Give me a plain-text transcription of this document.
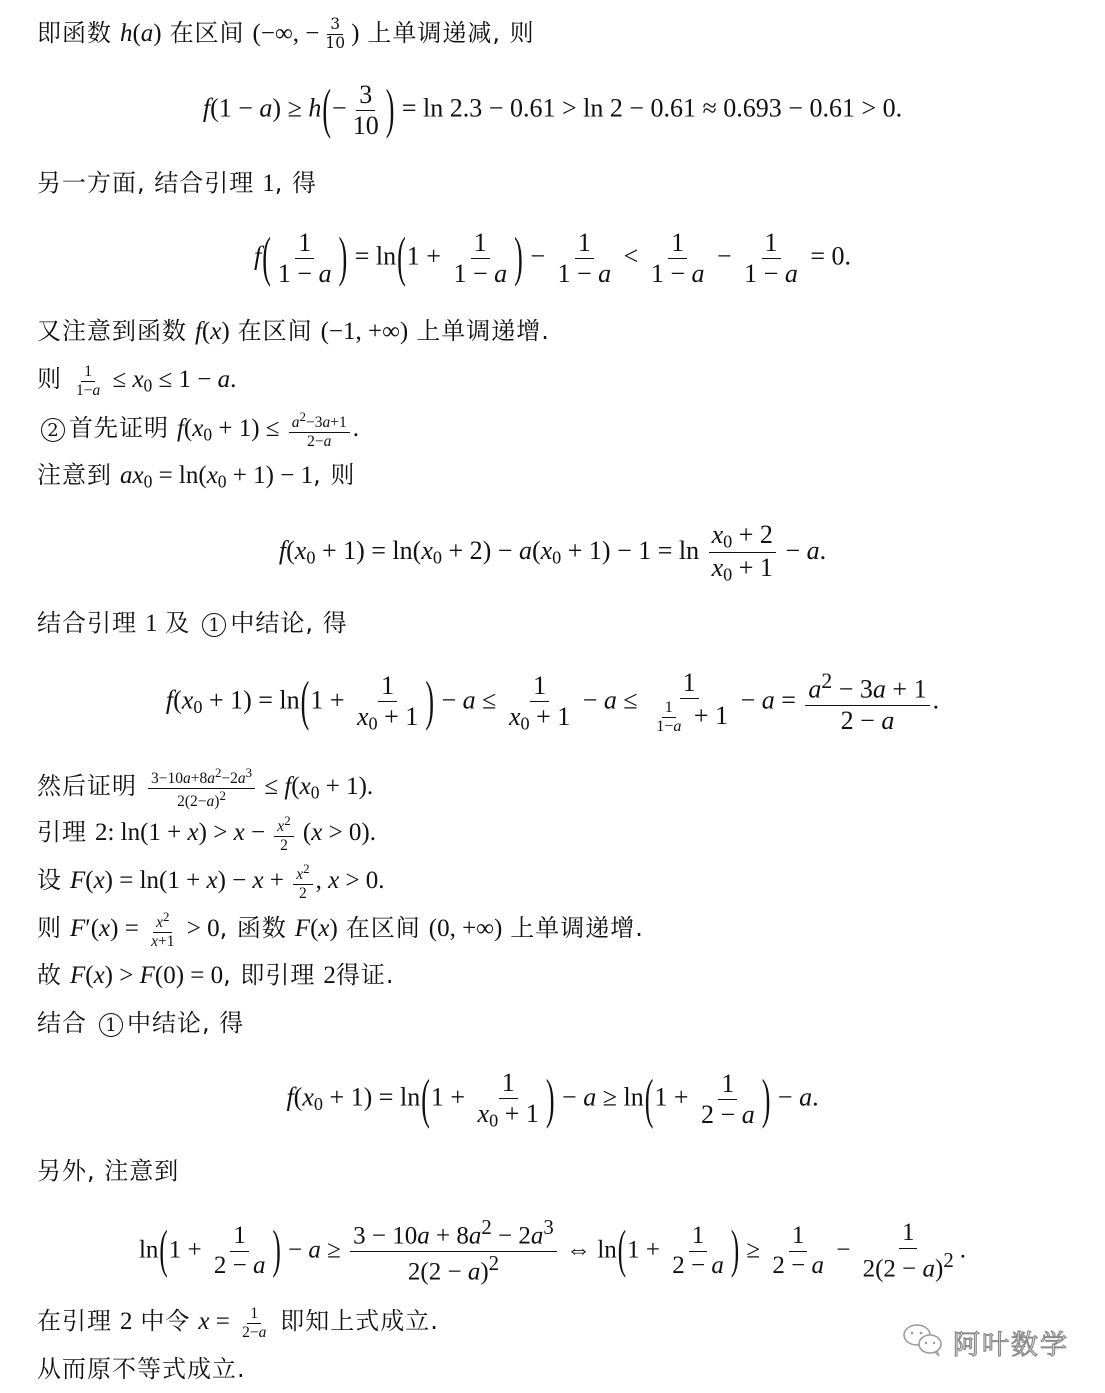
即函数 h(a) 在区间 (−∞, − $\frac{3}{10}$ ) 上单调递减, 则
$f(1 - a) \ge h(- \frac{3}{10}$ ) = ln 2.3 − 0.61 > ln 2 − 0.61 ≈ 0.693 − 0.61 > 0.
另一方面, 结合引理 1, 得
$f( \frac{1}{1 - a}$ ) = $\ln(1 + \frac{1}{1 - a}$ ) − $\frac{1}{1 - a} < \frac{1}{1 - a} - \frac{1}{1 - a} = 0$.
又注意到函数 f(x) 在区间 (−1, +∞) 上单调递增.
则 $\frac{1}{1-a} \le x_0 \le 1 - a$.
2 首先证明 $f(x_0 + 1) \le \frac{a^2-3a+1}{2-a}$ .
注意到 $ax_0 = \ln(x_0 + 1) - 1$, 则
$f(x_0 + 1) = \ln(x_0 + 2) - a(x_0 + 1) - 1 = \ln \frac{x_0 + 2}{x_0 + 1} - a$.
结合引理 1 及 1 中结论, 得
$f(x_0 + 1) = \ln(1 + \frac{1}{x_0 + 1}$ ) − $a \le \frac{1}{x_0 + 1} - a \le \frac{1}{\frac{1}{1-a} + 1} - a = \frac{a^2 - 3a + 1}{2 - a}$ .
然后证明 $\frac{3-10a+8a^2-2a^3}{2(2-a)^2} \le f(x_0 + 1)$.
引理 2: $\ln(1 + x) > x - \frac{x^2}{2} (x > 0)$.
设 $F(x) = \ln(1 + x) - x + \frac{x^2}{2}$ , x > 0.
则 $F'(x) = \frac{x^2}{x+1} > 0$, 函数 F(x) 在区间 (0, +∞) 上单调递增.
故 F(x) > F(0) = 0, 即引理 2得证.
结合 1 中结论, 得
$f(x_0 + 1) = \ln(1 + \frac{1}{x_0 + 1}$ ) − $a \ge \ln(1 + \frac{1}{2 - a}$ ) − a.
另外, 注意到
$\ln(1 + \frac{1}{2 - a}$ ) − $a \ge \frac{3 - 10a + 8a^2 - 2a^3}{2(2 - a)^2}$ ⇔ $\ln(1 + \frac{1}{2 - a}$ ) ≥ $\frac{1}{2 - a} - \frac{1}{2(2 - a)^2}$ .
在引理 2 中令 $x = \frac{1}{2-a}$ 即知上式成立.
从而原不等式成立.
阿叶数学
